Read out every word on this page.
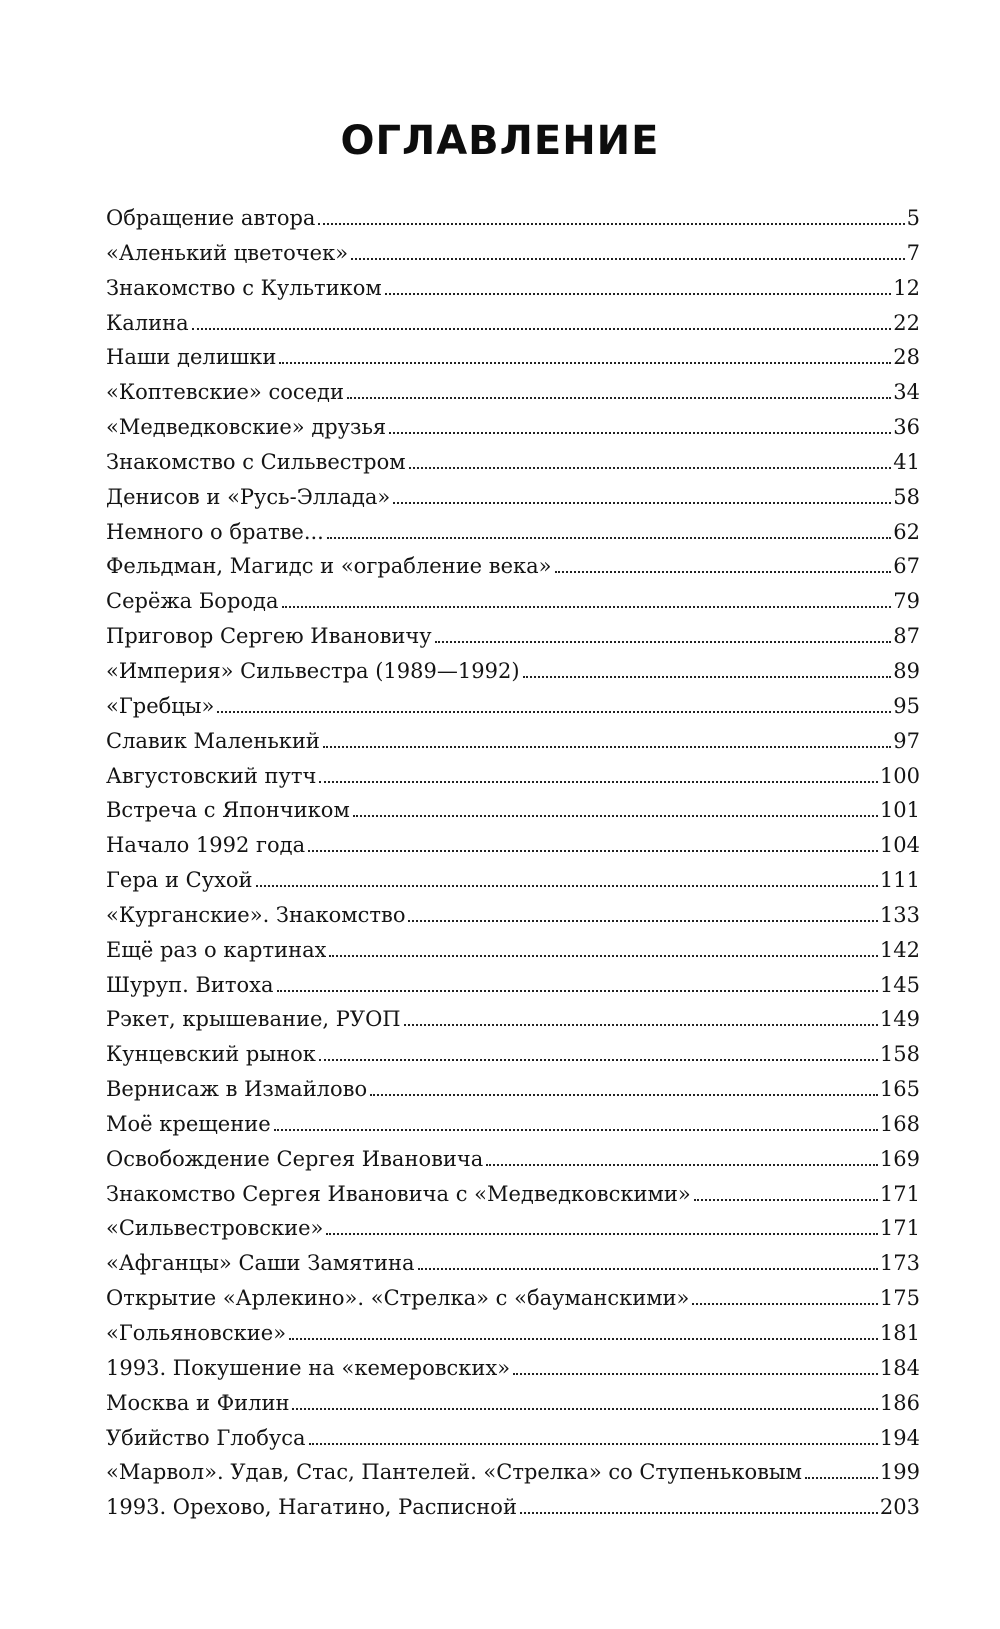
ОГЛАВЛЕНИЕ
Обращение автора	5
«Аленький цветочек»	7
Знакомство с Культиком	12
Калина	22
Наши делишки	28
«Коптевские» соседи	34
«Медведковские» друзья	36
Знакомство с Сильвестром	41
Денисов и «Русь-Эллада»	58
Немного о братве...	62
Фельдман, Магидс и «ограбление века»	67
Серёжа Борода	79
Приговор Сергею Ивановичу	87
«Империя» Сильвестра (1989—1992)	89
«Гребцы»	95
Славик Маленький	97
Августовский путч	100
Встреча с Япончиком	101
Начало 1992 года	104
Гера и Сухой	111
«Курганские». Знакомство	133
Ещё раз о картинах	142
Шуруп. Витоха	145
Рэкет, крышевание, РУОП	149
Кунцевский рынок	158
Вернисаж в Измайлово	165
Моё крещение	168
Освобождение Сергея Ивановича	169
Знакомство Сергея Ивановича с «Медведковскими»	171
«Сильвестровские»	171
«Афганцы» Саши Замятина	173
Открытие «Арлекино». «Стрелка» с «бауманскими»	175
«Гольяновские»	181
1993. Покушение на «кемеровских»	184
Москва и Филин	186
Убийство Глобуса	194
«Марвол». Удав, Стас, Пантелей. «Стрелка» со Ступеньковым	199
1993. Орехово, Нагатино, Расписной	203
